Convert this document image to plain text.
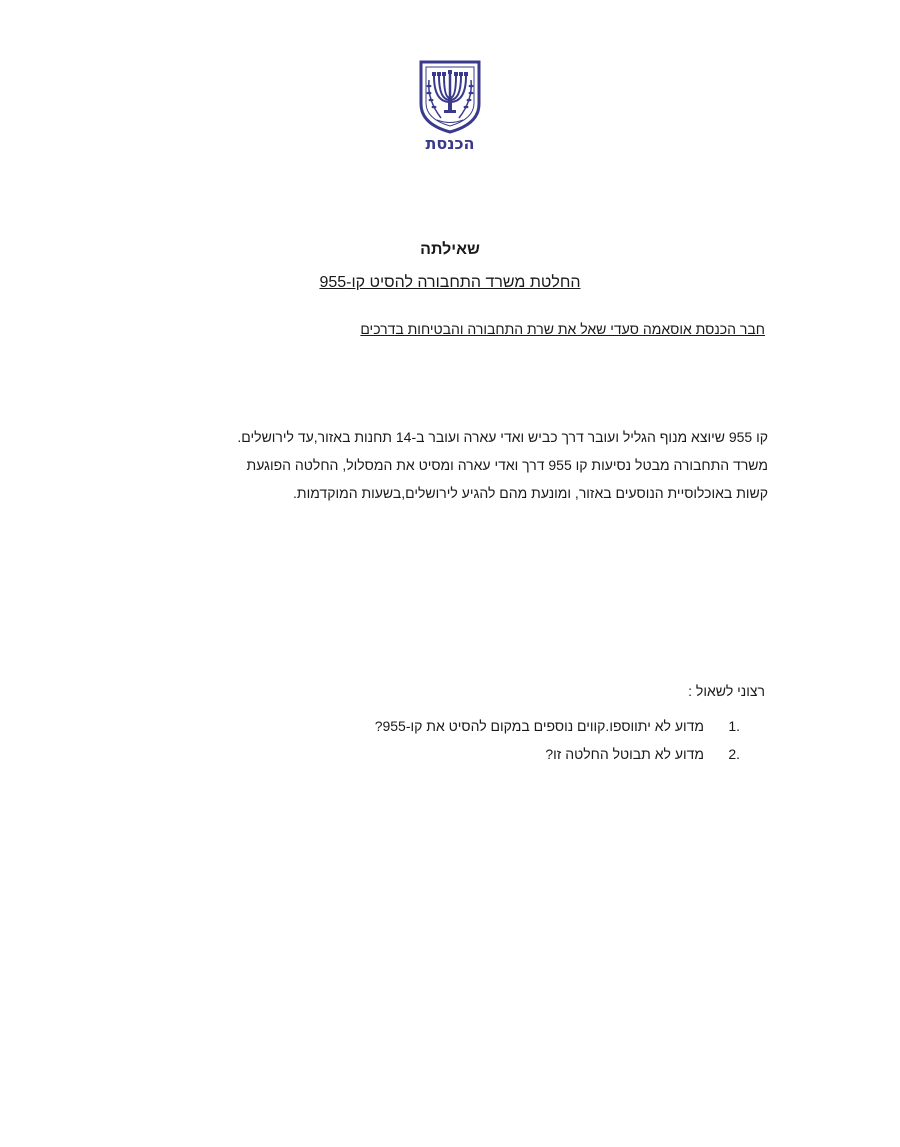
הכנסת
שאילתה
החלטת משרד התחבורה להסיט קו-955
חבר הכנסת אוסאמה סעדי שאל את שרת התחבורה והבטיחות בדרכים
קו 955 שיוצא מנוף הגליל ועובר דרך כביש ואדי עארה ועובר ב-14 תחנות באזור,עד לירושלים.
משרד התחבורה מבטל נסיעות קו 955 דרך ואדי עארה ומסיט את המסלול, החלטה הפוגעת
קשות באוכלוסיית הנוסעים באזור, ומונעת מהם להגיע לירושלים,בשעות המוקדמות.
רצוני לשאול :
1.
מדוע לא יתווספו.קווים נוספים במקום להסיט את קו-955?
2.
מדוע לא תבוטל החלטה זו?
